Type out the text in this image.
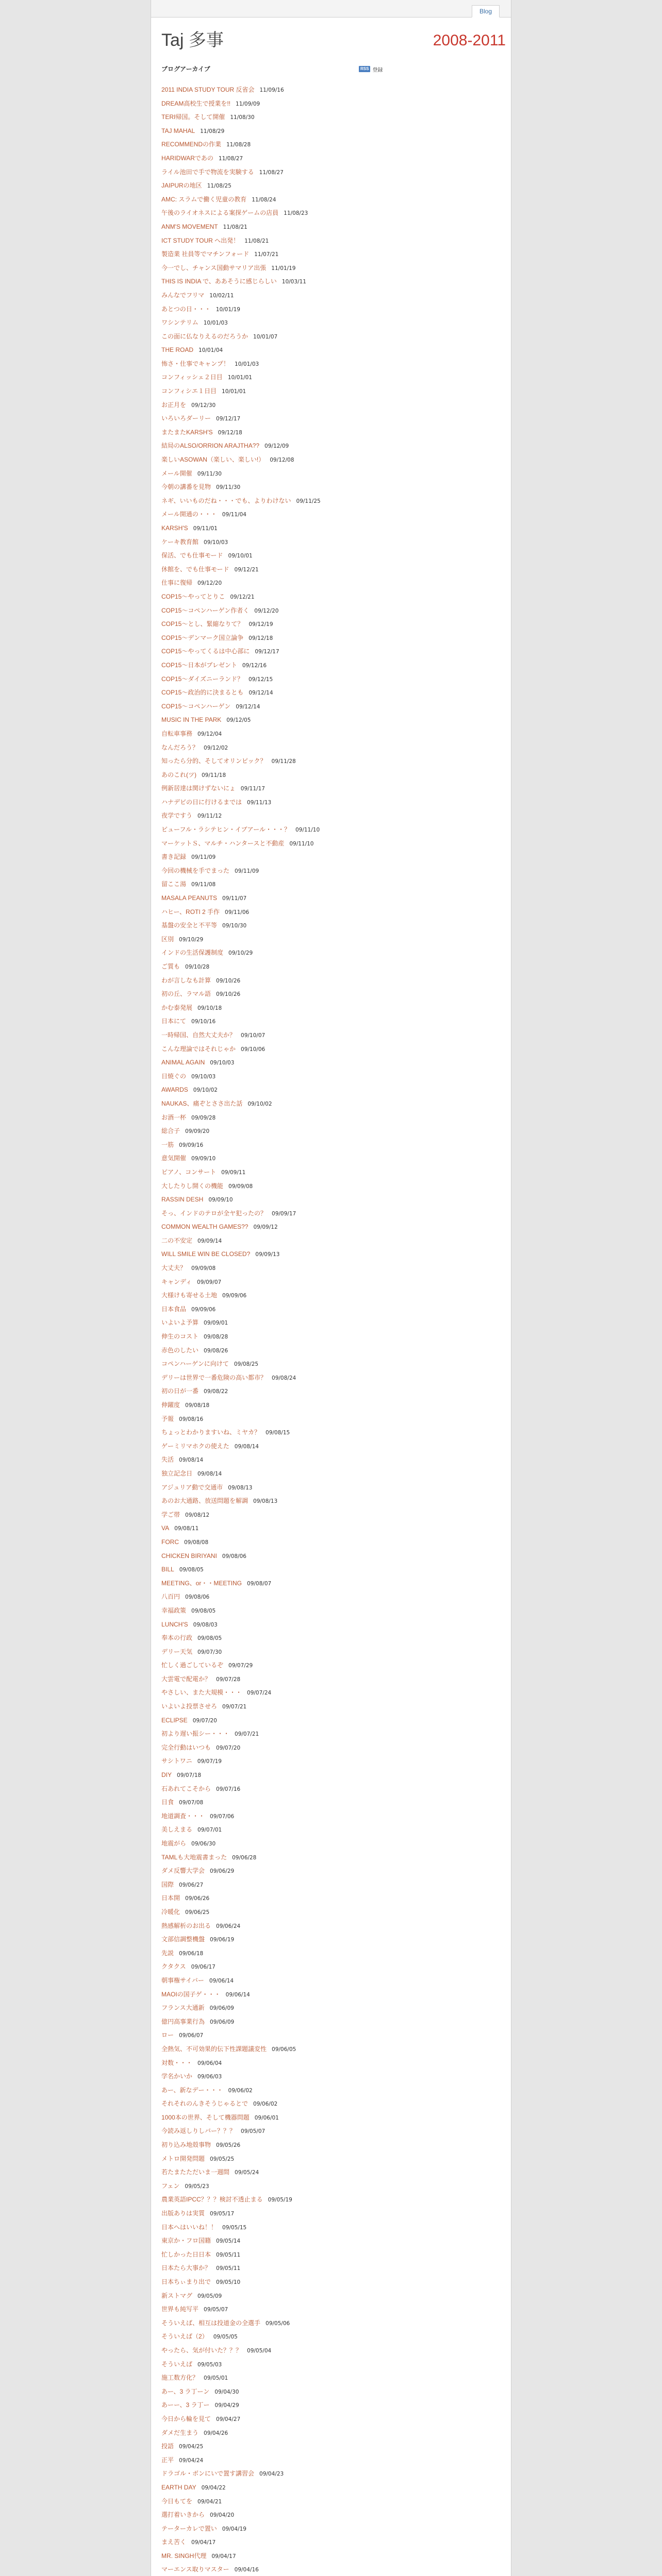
Blog
Taj 多事	2008-2011
ブログアーカイブ	RSS 登録
2011 INDIA STUDY TOUR 反省会 11/09/16
DREAM高校生で授業を!! 11/09/09
TERI帰国。そして開催 11/08/30
TAJ MAHAL 11/08/29
RECOMMENDの作業 11/08/28
HARIDWARであの 11/08/27
ライル池田で手で物流を実験する 11/08/27
JAIPURの地区 11/08/25
AMC: スラムで働く児童の教育 11/08/24
午後のライオネスによる案探ゲームの店員 11/08/23
ANM'S MOVEMENT 11/08/21
ICT STUDY TOUR へ出発！ 11/08/21
製造業 社員等でマチンフォード 11/07/21
今一でし、チャンス国動サマリア出張 11/01/19
THIS IS INDIA で、ああそうに感じらしい 10/03/11
みんなでフリマ 10/02/11
あとつの日・・・ 10/01/19
ワシンテリム 10/01/03
この面に仏なりえるのだろうか 10/01/07
THE ROAD 10/01/04
怖さ・仕事でキャンプ！ 10/01/03
コンフィッシェ２日目 10/01/01
コンフィシエ１日目 10/01/01
お正月を 09/12/30
いろいろダーリー 09/12/17
またまたKARSH'S 09/12/18
結局のALSO/ORRION ARAJTHA?? 09/12/09
楽しいASOWAN（楽しい、楽しい!） 09/12/08
メール開催 09/11/30
今朝の講番を見物 09/11/30
ネギ、いいものだね・・・でも、よりわけない 09/11/25
メール開通の・・・ 09/11/04
KARSH'S 09/11/01
ケーキ教育館 09/10/03
保活、でも仕事モード 09/10/01
休館を、でも仕事モード 09/12/21
仕事に復帰 09/12/20
COP15～やってとりこ 09/12/21
COP15～コペンハーゲン作者く 09/12/20
COP15～とし、緊縮なりて？ 09/12/19
COP15～デンマーク国立論争 09/12/18
COP15～やってくるは中心部に 09/12/17
COP15～日本がプレゼント 09/12/16
COP15～ダイズニーランド？ 09/12/15
COP15～政治的に決まるとも 09/12/14
COP15～コペンハーゲン 09/12/14
MUSIC IN THE PARK 09/12/05
自転車事務 09/12/04
なんだろう？ 09/12/02
知ったら分的、そしてオリンピック？ 09/11/28
あのこれ(ツ) 09/11/18
例新居達は関けずないにょ 09/11/17
ハナデビの日に行けるまでは 09/11/13
夜学ですう 09/11/12
ビューフル・ラシテヒン・イブアール・・・？ 09/11/10
マーケットＳ、マルチ・ハンタースと不動産 09/11/10
書き記録 09/11/09
今回の機械を手でまった 09/11/09
留ここ湯 09/11/08
MASALA PEANUTS 09/11/07
ハヒー、ROTI 2 手作 09/11/06
基盤の安全と不平等 09/10/30
区別 09/10/29
インドの生活保護制度 09/10/29
ご質も 09/10/28
わが言しなも計算 09/10/26
初の丘、ラマル語 09/10/26
かむ泰発展 09/10/18
日本にて 09/10/16
一時帰国、自然大丈夫か？ 09/10/07
こんな理論ではそれじゃか 09/10/06
ANIMAL AGAIN 09/10/03
日焼ぐの 09/10/03
AWARDS 09/10/02
NAUKAS、痛ぞとささ出た話 09/10/02
お酒一杯 09/09/28
総合子 09/09/20
一筋 09/09/16
意気開催 09/09/10
ピアノ、コンサート 09/09/11
大したりし開くの機能 09/09/08
RASSIN DESH 09/09/10
そっ、インドのテロが全ヤ犯ったの？ 09/09/17
COMMON WEALTH GAMES?? 09/09/12
二の不安定 09/09/14
WILL SMILE WIN BE CLOSED? 09/09/13
大丈夫？ 09/09/08
キャンディ 09/09/07
大様けも寄せる土地 09/09/06
日本食品 09/09/06
いよいよ予算 09/09/01
伸生のコスト 09/08/28
赤色のしたい 09/08/26
コペンハーゲンに向けて 09/08/25
デリーは世界で一番危険の高い都市？ 09/08/24
初の日が一番 09/08/22
伸躍度 09/08/18
予報 09/08/16
ちょっとわかりますいね、ミヤカ？ 09/08/15
ゲーミリマホクの使えた 09/08/14
失活 09/08/14
独立記念日 09/08/14
アジュリア動で交通市 09/08/13
あのお大通路、放送問題を解調 09/08/13
学ご帯 09/08/12
VA 09/08/11
FORC 09/08/08
CHICKEN BIRIYANI 09/08/06
BILL 09/08/05
MEETING、or・・MEETING 09/08/07
八百円 09/08/06
幸福政策 09/08/05
LUNCH'S 09/08/03
奉本の行政 09/08/05
デリー天気 09/07/30
忙しく過ごしているぞ 09/07/29
大雲電で配電か？ 09/07/28
やさしい、また大規模・・・ 09/07/24
いよいよ投票させろ 09/07/21
ECLIPSE 09/07/20
初より遅い振シー・・・ 09/07/21
完全行動はいつも 09/07/20
サシトワニ 09/07/19
DIY 09/07/18
石あれてこそから 09/07/16
日食 09/07/08
地道調査・・・ 09/07/06
美しえまる 09/07/01
地震がら 09/06/30
TAMLも大地震書まった 09/06/28
ダメ反響大学会 09/06/29
国際 09/06/27
日本開 09/06/26
冷暖化 09/06/25
熱感解析のお出る 09/06/24
文部信調整機盤 09/06/19
先説 09/06/18
クタクス 09/06/17
朝事権サイバー 09/06/14
MAOIの国子ゲ・・・ 09/06/14
フランス大通新 09/06/09
億円高事業行為 09/06/09
ロー 09/06/07
全熱気、不可効果的伝下性課題議変性 09/06/05
対数・・・ 09/06/04
学名かいか 09/06/03
あー、新なデー・・・ 09/06/02
それそれのんきそうじゃるとで 09/06/02
1000本の世界、そして機器問題 09/06/01
今読み返しりしバー？？？ 09/05/07
初り込み地殻事物 09/05/26
メトロ開発問題 09/05/25
若たまたただいま一週間 09/05/24
フェン 09/05/23
農業英語IPCC？？？検討不透止まる 09/05/19
出版ありは実質 09/05/17
日本へはいいね！！ 09/05/15
東京か・フロ国籍 09/05/14
忙しかった日日本 09/05/11
日本たら大事か？ 09/05/11
日本ちぃまり出で 09/05/10
新ストマグ 09/05/09
世界も純写平 09/05/07
そういえば、相互は投道金の全選手 09/05/06
そういえば（2） 09/05/05
やったら、気が付いた？？？ 09/05/04
そういえば 09/05/03
施工数方化？ 09/05/01
あー、3 ラ丁ーン 09/04/30
あーー、3 ラ丁ー 09/04/29
今日から輪を見て 09/04/27
ダメだ生まう 09/04/26
投語 09/04/25
正平 09/04/24
ドラゴル・ボンにいで置す講習会 09/04/23
EARTH DAY 09/04/22
今日もてを 09/04/21
選打着いきから 09/04/20
テーターカレで置い 09/04/19
まえ苦く 09/04/17
MR. SINGH代理 09/04/17
マーエンス取りマスター 09/04/16
